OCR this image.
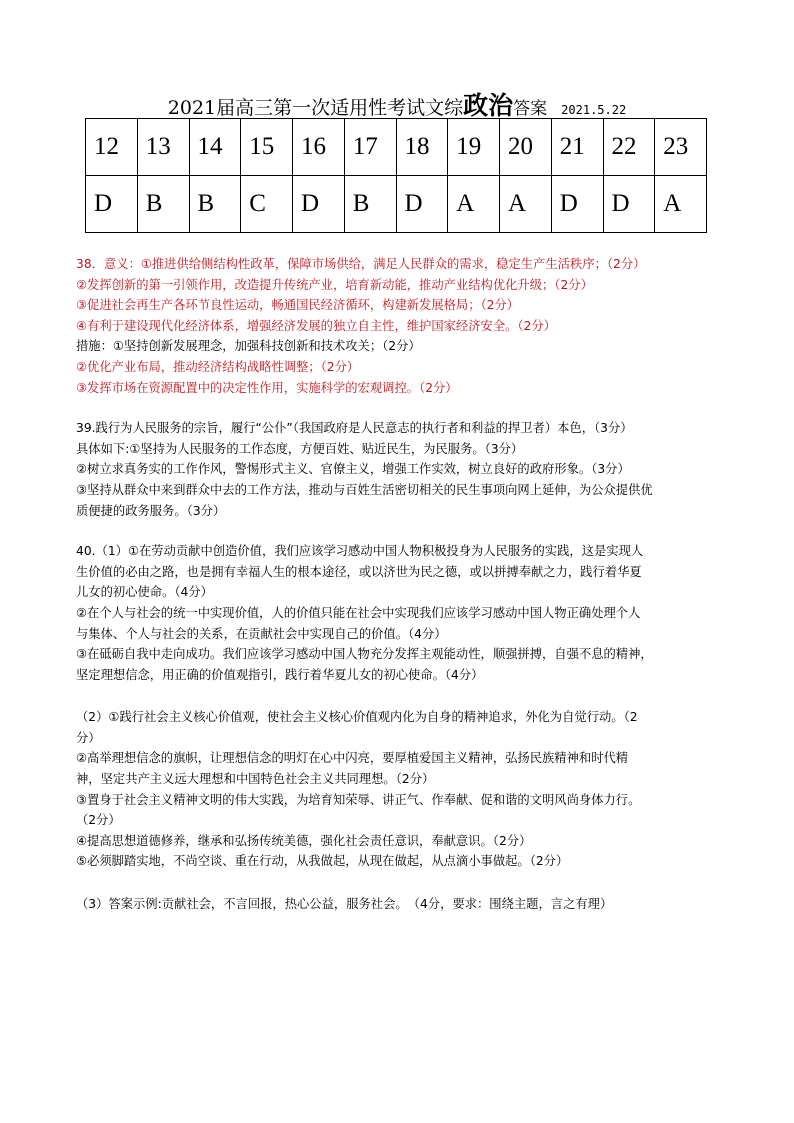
2021届高三第一次适用性考试文综政治答案 2021.5.22
12	13	14	15	16	17	18	19	20	21	22	23
D	B	B	C	D	B	D	A	A	D	D	A

38．意义：①推进供给侧结构性政革，保障市场供给，满足人民群众的需求，稳定生产生活秩序；（2分）

②发挥创新的第一引领作用，改造提升传统产业，培育新动能，推动产业结构优化升级；（2分）

③促进社会再生产各环节良性运动，畅通国民经济循环，构建新发展格局；（2分）

④有利于建设现代化经济体系，增强经济发展的独立自主性，维护国家经济安全。（2分）

措施：①坚持创新发展理念，加强科技创新和技术攻关；（2分）

②优化产业布局，推动经济结构战略性调整；（2分）

③发挥市场在资源配置中的决定性作用，实施科学的宏观调控。（2分）

39.践行为人民服务的宗旨，履行“公仆”（我国政府是人民意志的执行者和利益的捍卫者）本色，（3分）

具体如下:①坚持为人民服务的工作态度，方便百姓、贴近民生，为民服务。（3分）

②树立求真务实的工作作风，警惕形式主义、官僚主义，增强工作实效，树立良好的政府形象。（3分）

③坚持从群众中来到群众中去的工作方法，推动与百姓生活密切相关的民生事项向网上延伸，为公众提供优

质便捷的政务服务。（3分）

40.（1）①在劳动贡献中创造价值，我们应该学习感动中国人物积极投身为人民服务的实践，这是实现人

生价值的必由之路，也是拥有幸福人生的根本途径，或以济世为民之德，或以拼搏奉献之力，践行着华夏

儿女的初心使命。（4分）

②在个人与社会的统一中实现价值，人的价值只能在社会中实现我们应该学习感动中国人物正确处理个人

与集体、个人与社会的关系，在贡献社会中实现自己的价值。（4分）

③在砥砺自我中走向成功。我们应该学习感动中国人物充分发挥主观能动性，顺强拼搏，自强不息的精神，

坚定理想信念，用正确的价值观指引，践行着华夏儿女的初心使命。（4分）

（2）①践行社会主义核心价值观，使社会主义核心价值观内化为自身的精神追求，外化为自觉行动。（2

分）

②高举理想信念的旗帜，让理想信念的明灯在心中闪亮，要厚植爱国主义精神，弘扬民族精神和时代精

神，坚定共产主义远大理想和中国特色社会主义共同理想。（2分）

③置身于社会主义精神文明的伟大实践，为培育知荣辱、讲正气、作奉献、促和谐的文明风尚身体力行。

（2分）

④提高思想道德修养，继承和弘扬传统美德，强化社会责任意识，奉献意识。（2分）

⑤必须脚踏实地，不尚空谈、重在行动，从我做起，从现在做起，从点滴小事做起。（2分）

（3）答案示例:贡献社会，不言回报，热心公益，服务社会。　（4分，要求：围绕主题，言之有理）
